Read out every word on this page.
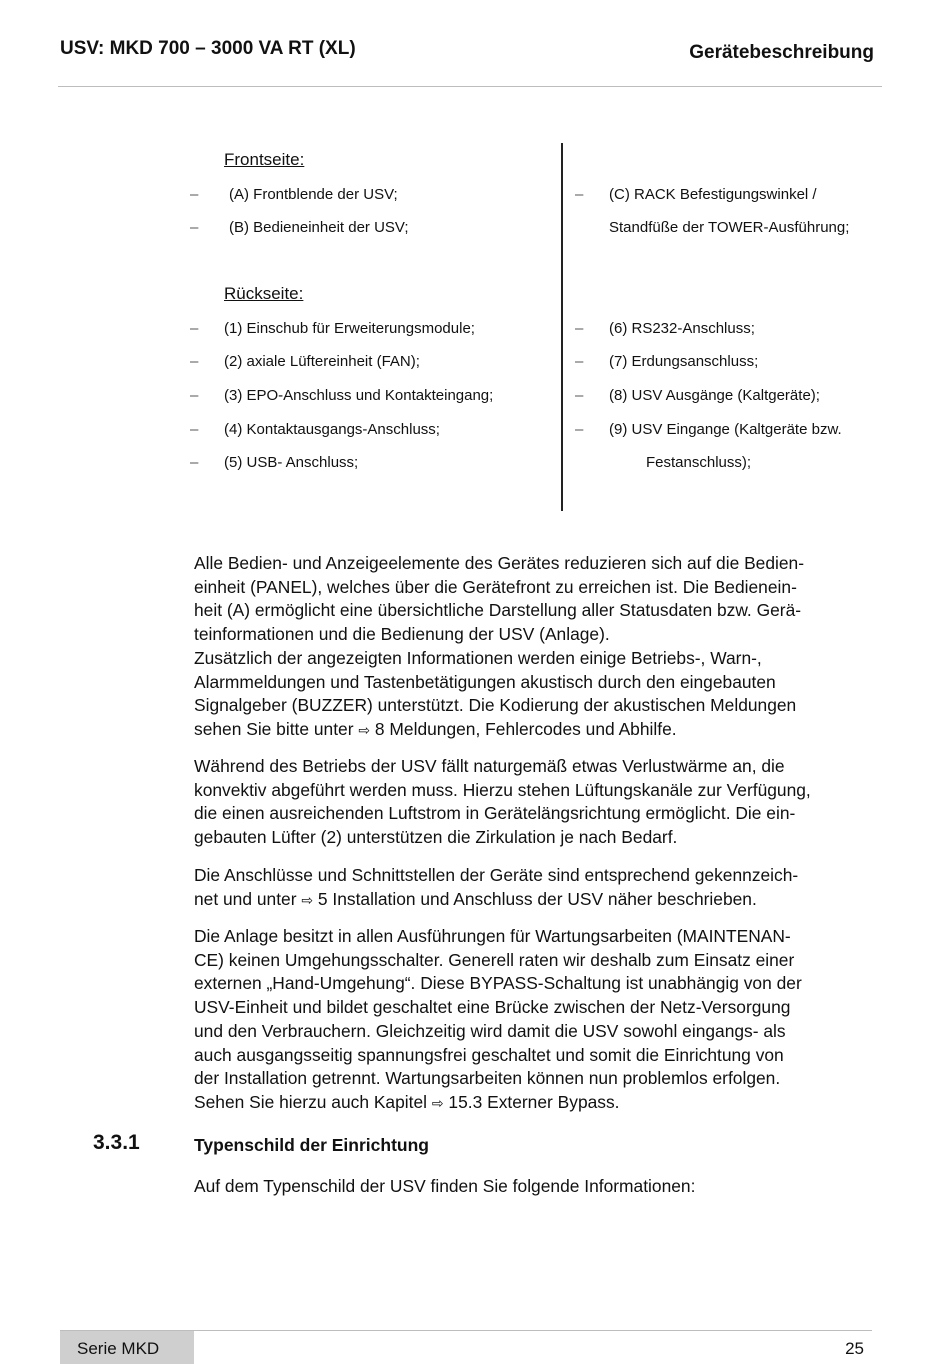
USV: MKD 700 – 3000 VA RT (XL)	Gerätebeschreibung
Frontseite:
– (A) Frontblende der USV;
– (B) Bedieneinheit der USV;
– (C) RACK Befestigungswinkel /
Standfüße der TOWER-Ausführung;
Rückseite:
– (1) Einschub für Erweiterungsmodule;
– (2) axiale Lüftereinheit (FAN);
– (3) EPO-Anschluss und Kontakteingang;
– (4) Kontaktausgangs-Anschluss;
– (5) USB- Anschluss;
– (6) RS232-Anschluss;
– (7) Erdungsanschluss;
– (8) USV Ausgänge (Kaltgeräte);
– (9) USV Eingange (Kaltgeräte bzw.
Festanschluss);

Alle Bedien- und Anzeigeelemente des Gerätes reduzieren sich auf die Bedien-

einheit (PANEL), welches über die Gerätefront zu erreichen ist. Die Bedienein-

heit (A) ermöglicht eine übersichtliche Darstellung aller Statusdaten bzw. Gerä-

teinformationen und die Bedienung der USV (Anlage).

Zusätzlich der angezeigten Informationen werden einige Betriebs-, Warn-,

Alarmmeldungen und Tastenbetätigungen akustisch durch den eingebauten

Signalgeber (BUZZER) unterstützt. Die Kodierung der akustischen Meldungen

sehen Sie bitte unter ⇨ 8 Meldungen, Fehlercodes und Abhilfe.

Während des Betriebs der USV fällt naturgemäß etwas Verlustwärme an, die

konvektiv abgeführt werden muss. Hierzu stehen Lüftungskanäle zur Verfügung,

die einen ausreichenden Luftstrom in Gerätelängsrichtung ermöglicht. Die ein-

gebauten Lüfter (2) unterstützen die Zirkulation je nach Bedarf.

Die Anschlüsse und Schnittstellen der Geräte sind entsprechend gekennzeich-

net und unter ⇨ 5 Installation und Anschluss der USV näher beschrieben.

Die Anlage besitzt in allen Ausführungen für Wartungsarbeiten (MAINTENAN-

CE) keinen Umgehungsschalter. Generell raten wir deshalb zum Einsatz einer

externen „Hand-Umgehung“. Diese BYPASS-Schaltung ist unabhängig von der

USV-Einheit und bildet geschaltet eine Brücke zwischen der Netz-Versorgung

und den Verbrauchern. Gleichzeitig wird damit die USV sowohl eingangs- als

auch ausgangsseitig spannungsfrei geschaltet und somit die Einrichtung von

der Installation getrennt. Wartungsarbeiten können nun problemlos erfolgen.

Sehen Sie hierzu auch Kapitel ⇨ 15.3 Externer Bypass.

3.3.1	Typenschild der Einrichtung

Auf dem Typenschild der USV finden Sie folgende Informationen:

Serie MKD	25
